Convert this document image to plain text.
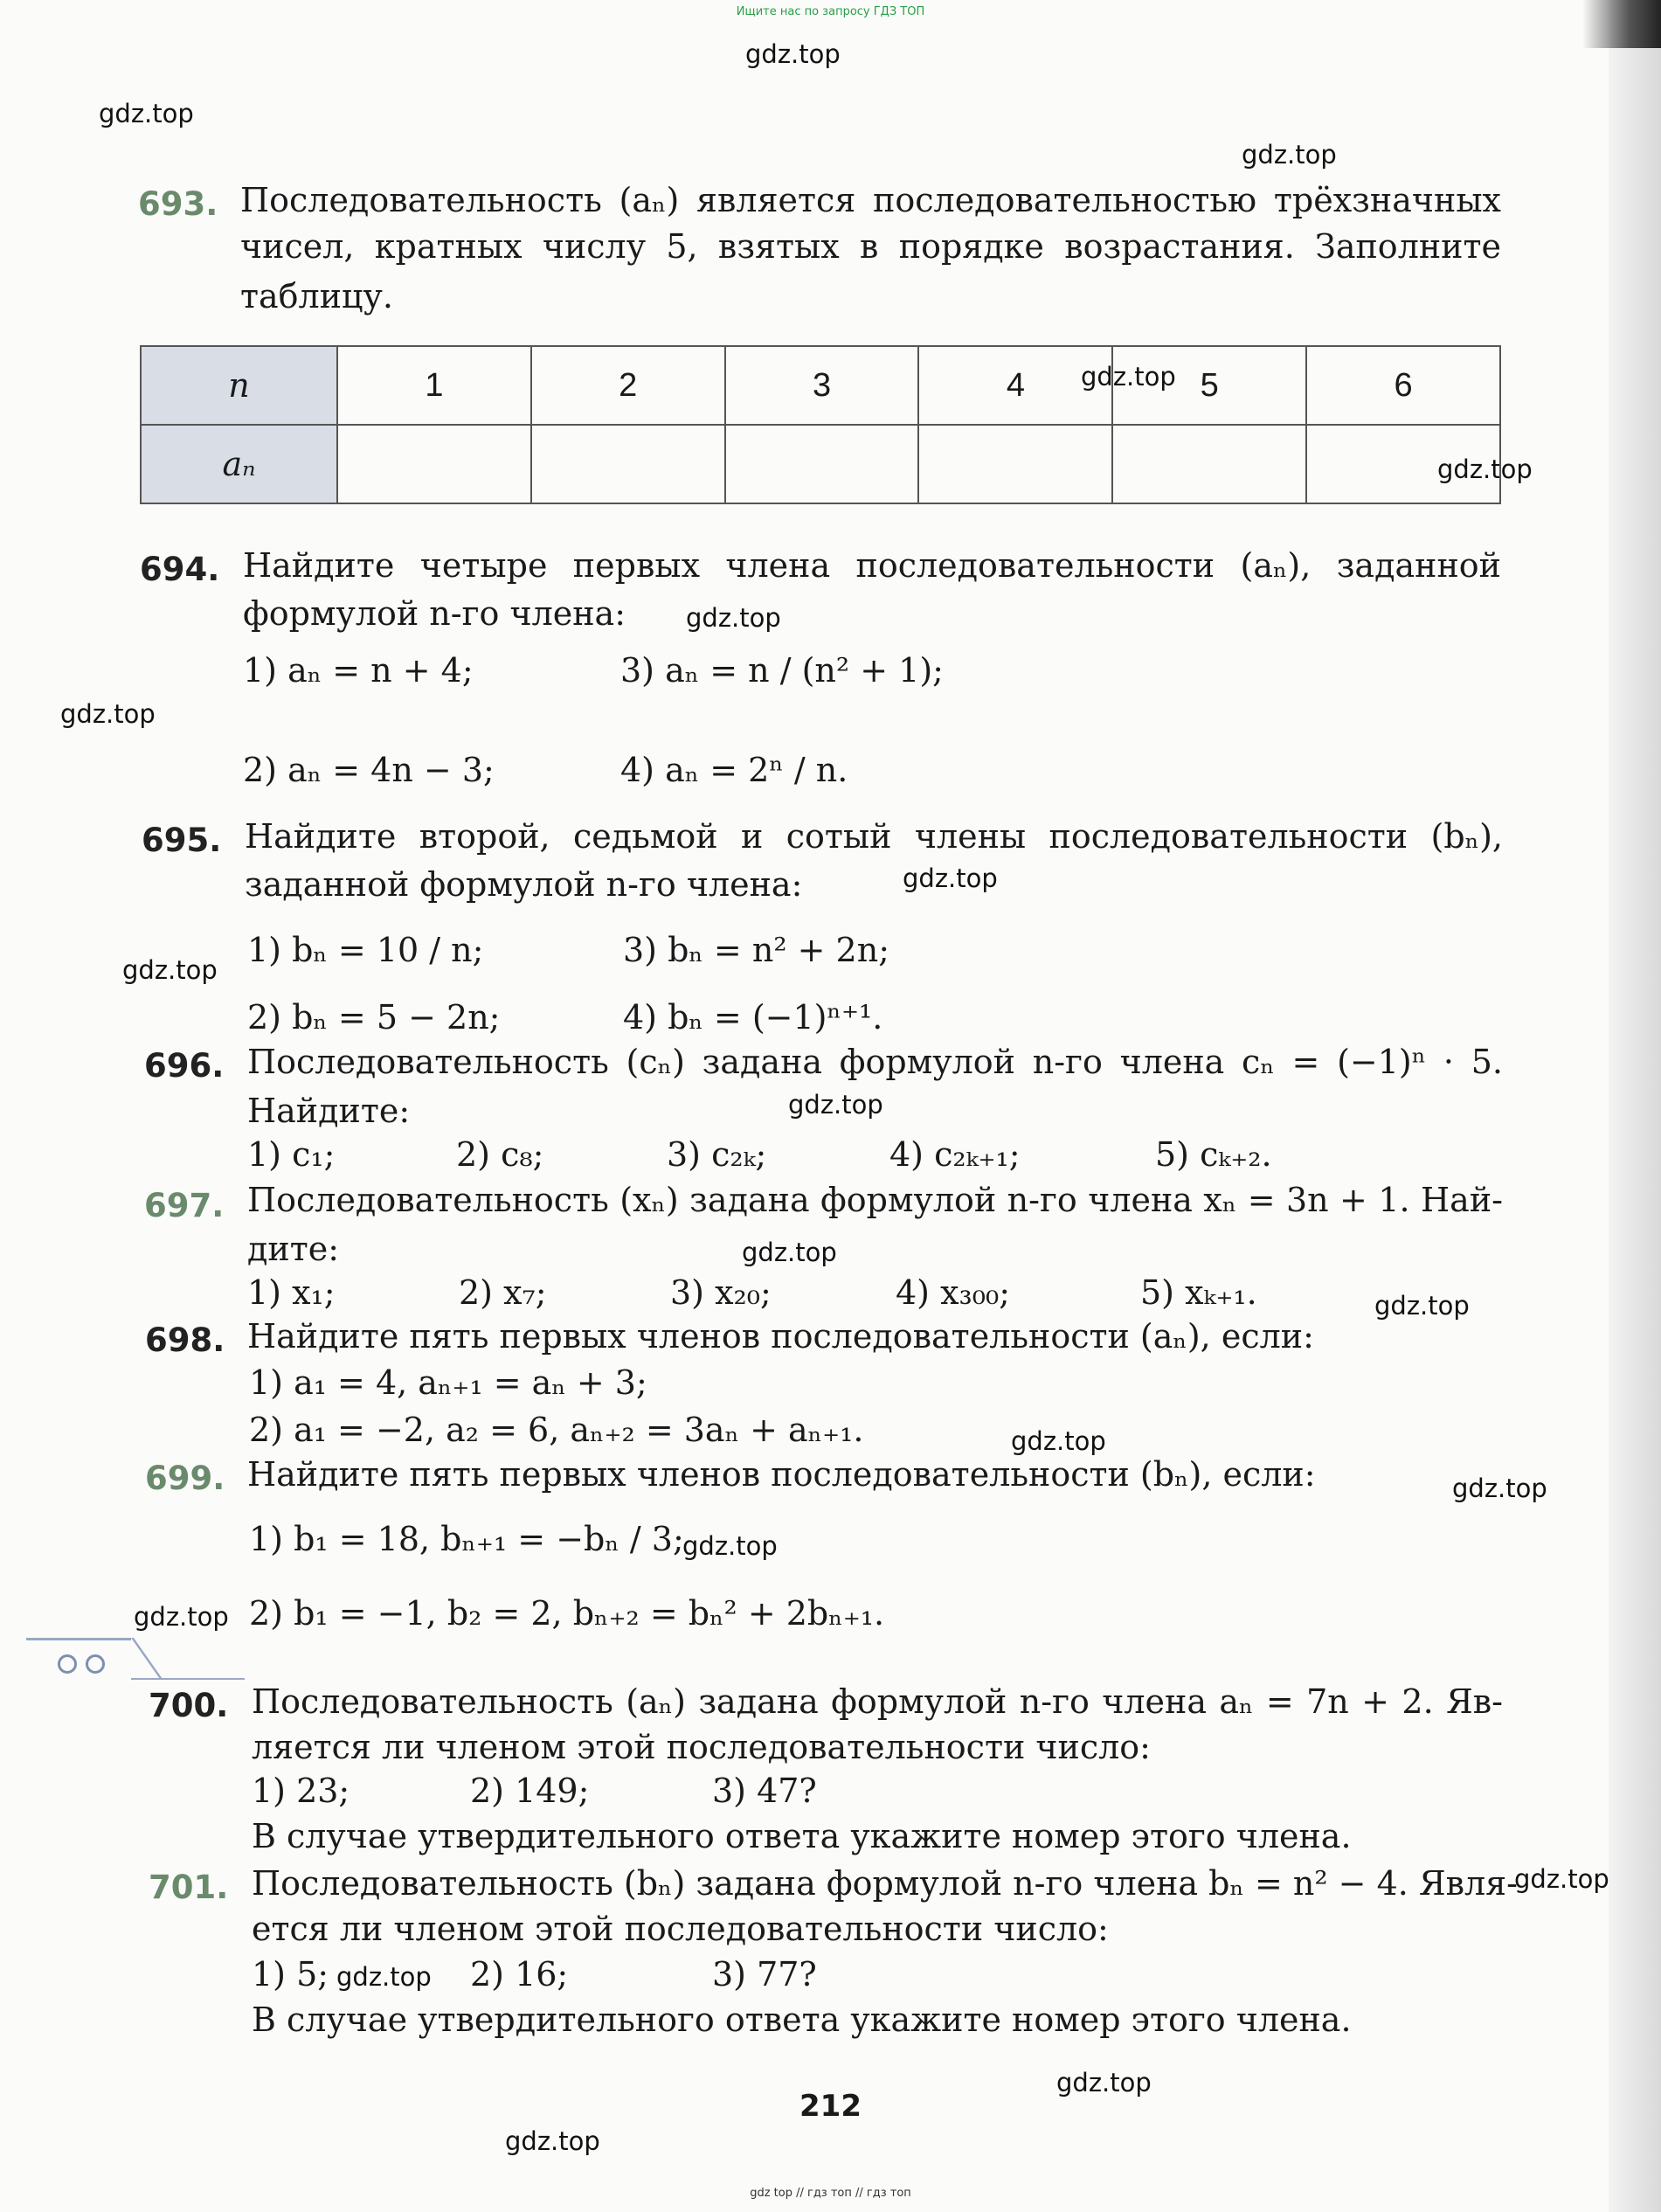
Ищите нас по запросу ГДЗ ТОП
gdz.top
gdz.top
gdz.top
gdz.top
gdz.top
gdz.top
gdz.top
gdz.top
gdz.top
gdz.top
gdz.top
gdz.top
gdz.top
gdz.top
gdz.top
gdz.top
gdz.top
gdz.top
gdz.top
gdz.top
693. Последовательность (aₙ) является последовательностью трёхзначных
чисел, кратных числу 5, взятых в порядке возрастания. Заполните
таблицу.
n	1	2	3	4	5	6
aₙ						
694. Найдите четыре первых члена последовательности (aₙ), заданной
формулой n-го члена:
1) aₙ = n + 4;	3) aₙ = n / (n² + 1);
2) aₙ = 4n − 3;	4) aₙ = 2ⁿ / n.
695. Найдите второй, седьмой и сотый члены последовательности (bₙ),
заданной формулой n-го члена:
1) bₙ = 10 / n;	3) bₙ = n² + 2n;
2) bₙ = 5 − 2n;	4) bₙ = (−1)ⁿ⁺¹.
696. Последовательность (cₙ) задана формулой n-го члена cₙ = (−1)ⁿ · 5.
Найдите:
1) c₁;	2) c₈;	3) c₂ₖ;	4) c₂ₖ₊₁;	5) cₖ₊₂.
697. Последовательность (xₙ) задана формулой n-го члена xₙ = 3n + 1. Най-
дите:
1) x₁;	2) x₇;	3) x₂₀;	4) x₃₀₀;	5) xₖ₊₁.
698. Найдите пять первых членов последовательности (aₙ), если:
1) a₁ = 4, aₙ₊₁ = aₙ + 3;
2) a₁ = −2, a₂ = 6, aₙ₊₂ = 3aₙ + aₙ₊₁.
699. Найдите пять первых членов последовательности (bₙ), если:
1) b₁ = 18, bₙ₊₁ = −bₙ / 3;
2) b₁ = −1, b₂ = 2, bₙ₊₂ = bₙ² + 2bₙ₊₁.
700. Последовательность (aₙ) задана формулой n-го члена aₙ = 7n + 2. Яв-
ляется ли членом этой последовательности число:
1) 23;	2) 149;	3) 47?
В случае утвердительного ответа укажите номер этого члена.
701. Последовательность (bₙ) задана формулой n-го члена bₙ = n² − 4. Явля-
ется ли членом этой последовательности число:
1) 5;	2) 16;	3) 77?
В случае утвердительного ответа укажите номер этого члена.
212
gdz top // гдз топ // гдз топ
